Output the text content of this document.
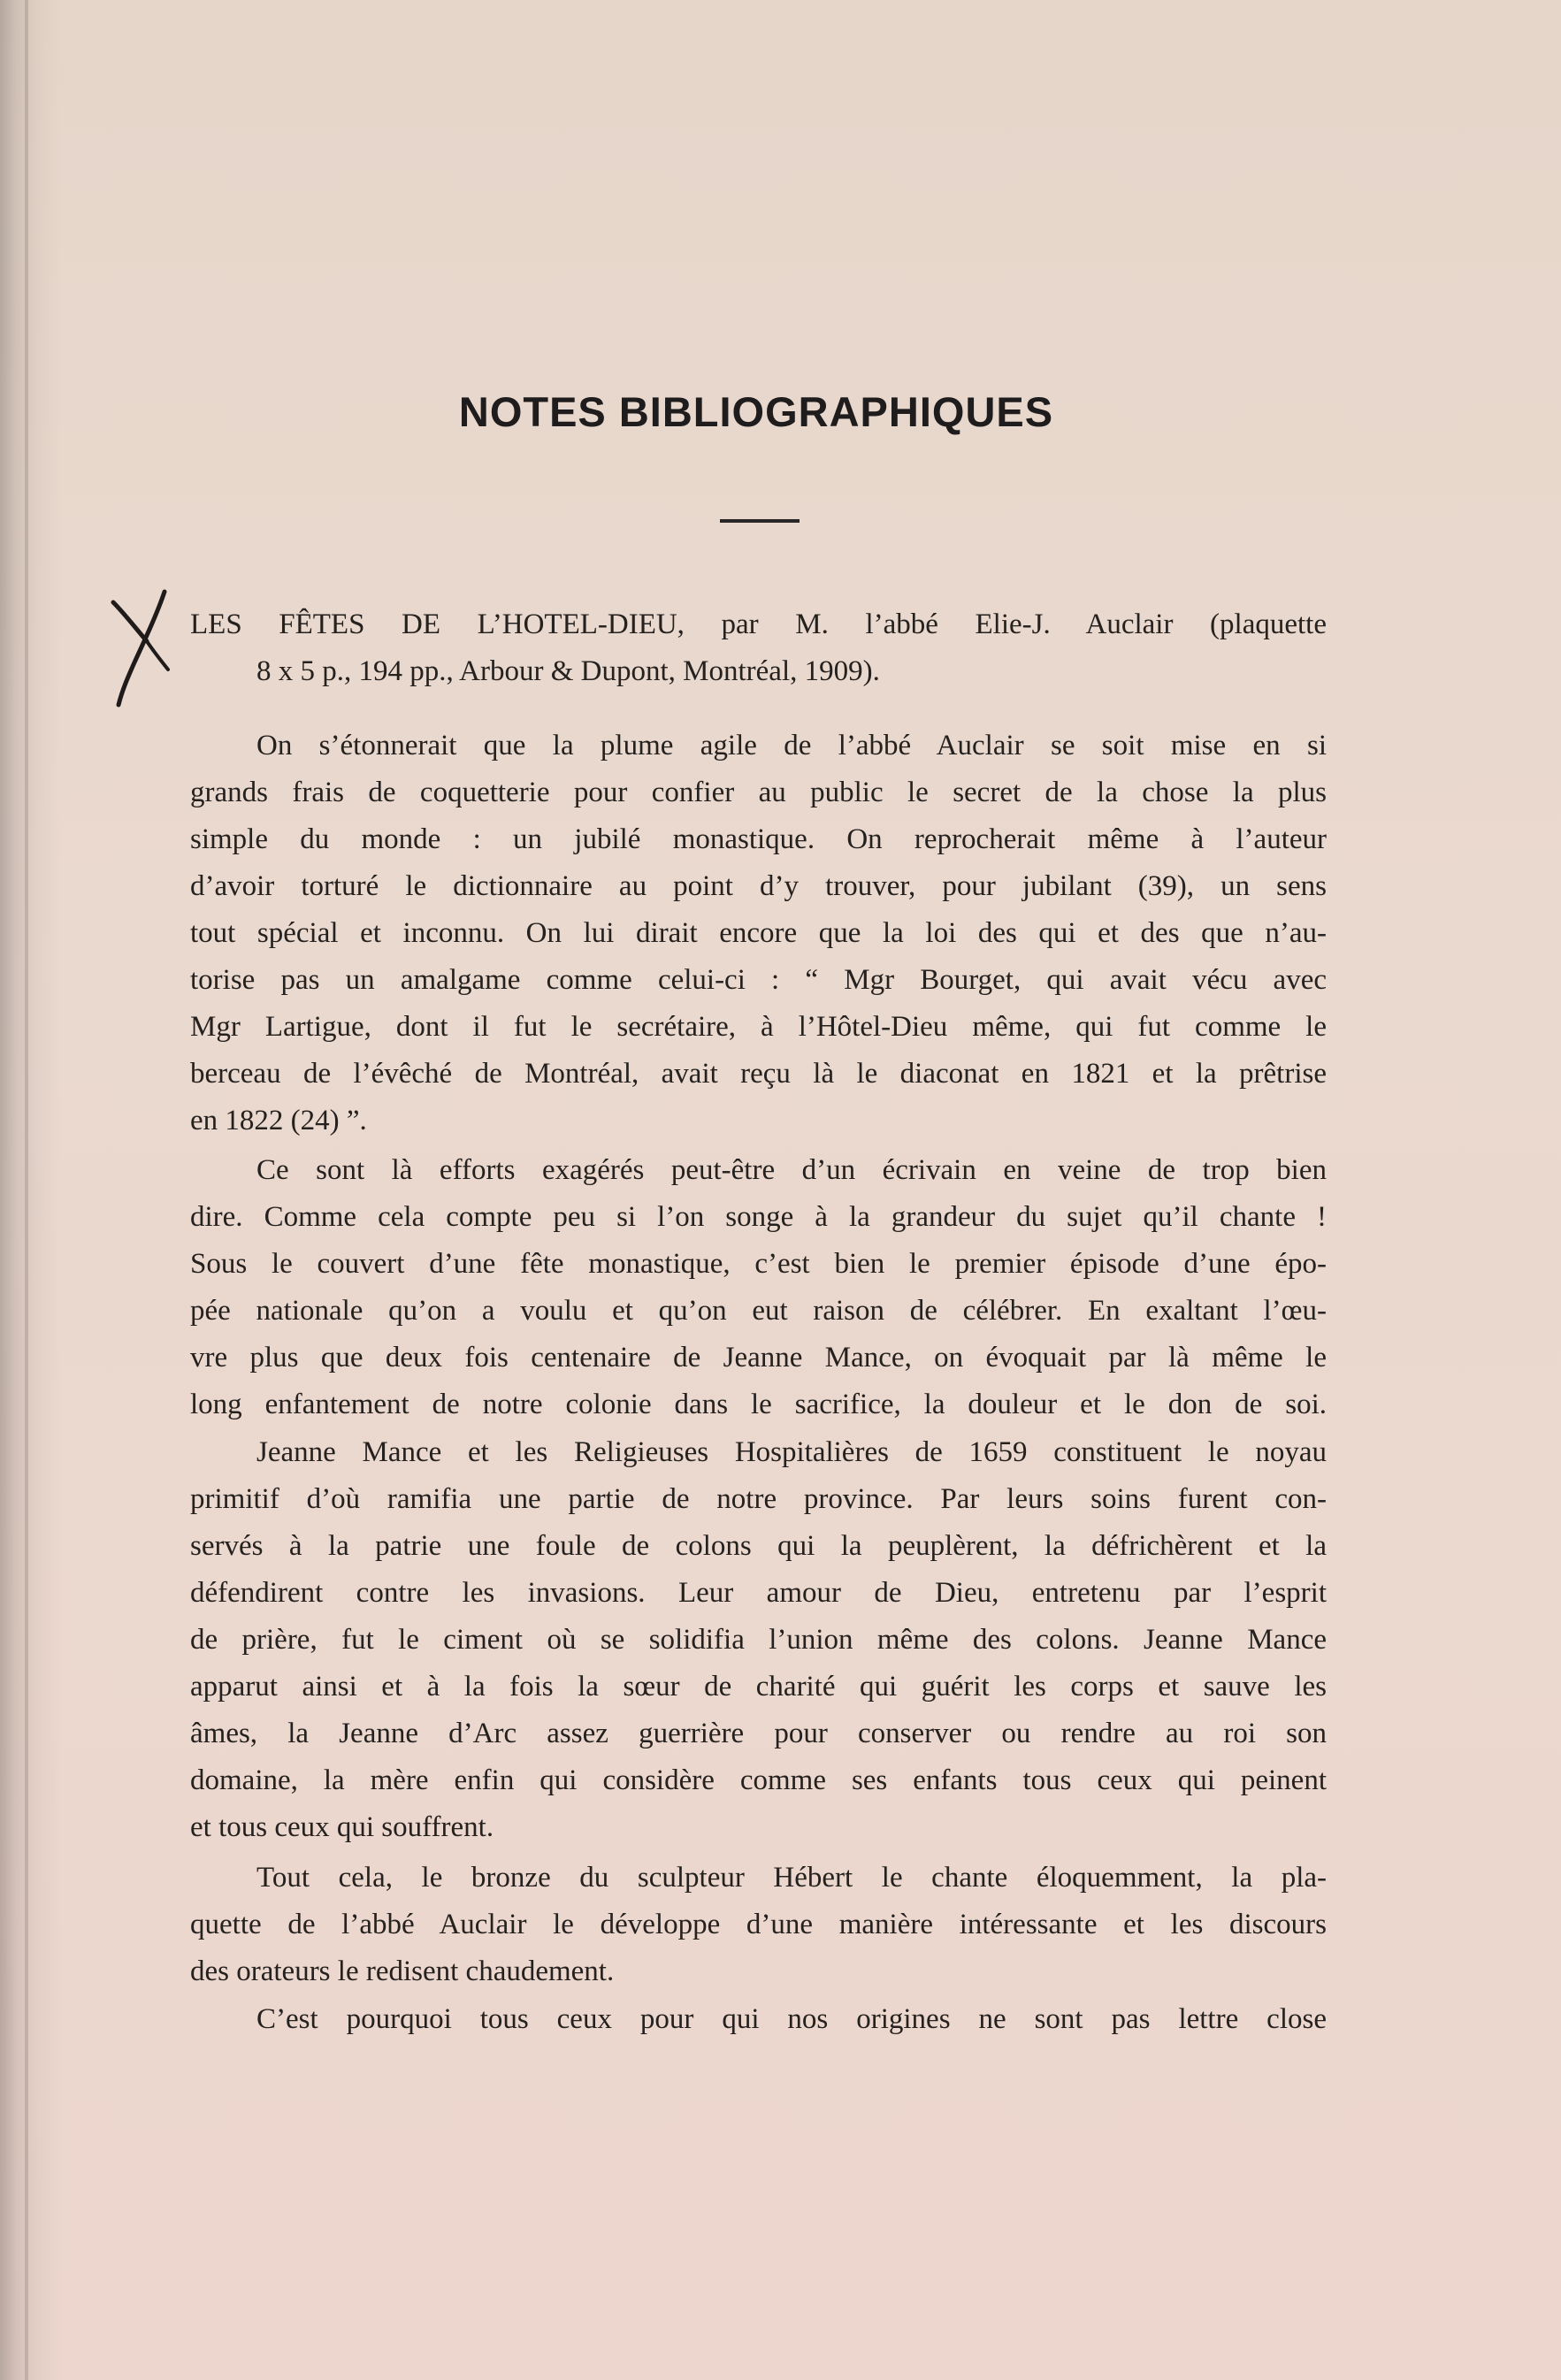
NOTES BIBLIOGRAPHIQUES
LES FÊTES DE L’HOTEL-DIEU, par M. l’abbé Elie-J. Auclair (plaquette
8 x 5 p., 194 pp., Arbour & Dupont, Montréal, 1909).
On s’étonnerait que la plume agile de l’abbé Auclair se soit mise en si
grands frais de coquetterie pour confier au public le secret de la chose la plus
simple du monde : un jubilé monastique. On reprocherait même à l’auteur
d’avoir torturé le dictionnaire au point d’y trouver, pour jubilant (39), un sens
tout spécial et inconnu. On lui dirait encore que la loi des qui et des que n’au-
torise pas un amalgame comme celui-ci : “ Mgr Bourget, qui avait vécu avec
Mgr Lartigue, dont il fut le secrétaire, à l’Hôtel-Dieu même, qui fut comme le
berceau de l’évêché de Montréal, avait reçu là le diaconat en 1821 et la prêtrise
en 1822 (24) ”.
Ce sont là efforts exagérés peut-être d’un écrivain en veine de trop bien
dire. Comme cela compte peu si l’on songe à la grandeur du sujet qu’il chante !
Sous le couvert d’une fête monastique, c’est bien le premier épisode d’une épo-
pée nationale qu’on a voulu et qu’on eut raison de célébrer. En exaltant l’œu-
vre plus que deux fois centenaire de Jeanne Mance, on évoquait par là même le
long enfantement de notre colonie dans le sacrifice, la douleur et le don de soi.
Jeanne Mance et les Religieuses Hospitalières de 1659 constituent le noyau
primitif d’où ramifia une partie de notre province. Par leurs soins furent con-
servés à la patrie une foule de colons qui la peuplèrent, la défrichèrent et la
défendirent contre les invasions. Leur amour de Dieu, entretenu par l’esprit
de prière, fut le ciment où se solidifia l’union même des colons. Jeanne Mance
apparut ainsi et à la fois la sœur de charité qui guérit les corps et sauve les
âmes, la Jeanne d’Arc assez guerrière pour conserver ou rendre au roi son
domaine, la mère enfin qui considère comme ses enfants tous ceux qui peinent
et tous ceux qui souffrent.
Tout cela, le bronze du sculpteur Hébert le chante éloquemment, la pla-
quette de l’abbé Auclair le développe d’une manière intéressante et les discours
des orateurs le redisent chaudement.
C’est pourquoi tous ceux pour qui nos origines ne sont pas lettre close
